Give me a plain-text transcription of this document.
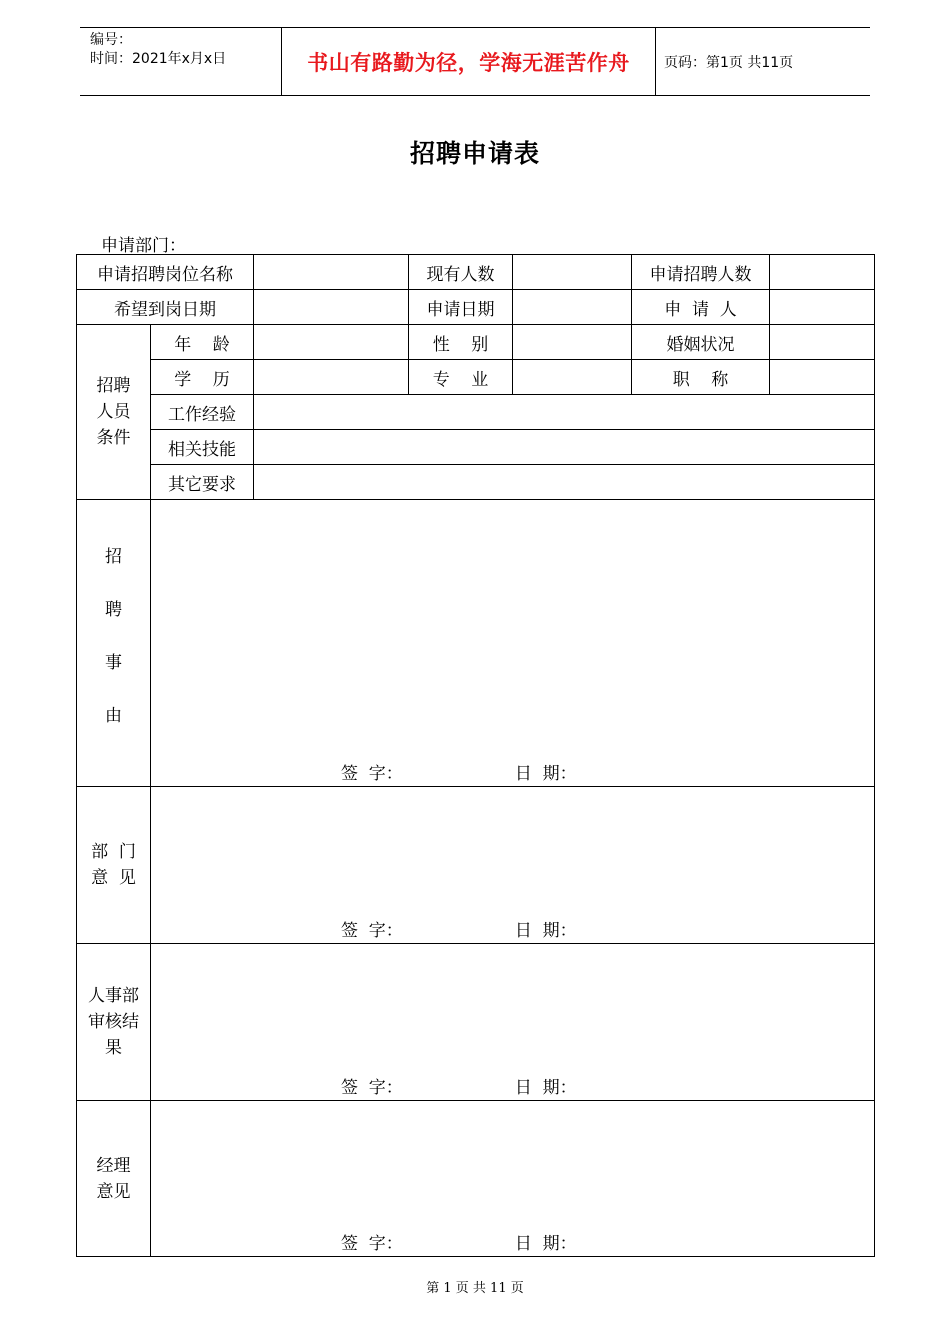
编号：
时间：2021年x月x日	书山有路勤为径，学海无涯苦作舟	页码：第1页 共11页
招聘申请表
申请部门：
申请招聘岗位名称			现有人数		申请招聘人数	
希望到岗日期			申请日期		申  请  人	

招聘
人员
条件	年    龄		性    别		婚姻状况	
	学    历		专    业		职    称	
	工作经验					
	相关技能					
	其它要求					

招
聘
事
由	签  字： 日  期：					

部  门
意  见	签  字： 日  期：					

人事部
审核结
果	签  字： 日  期：					

经理
意见	签  字： 日  期：					
第 1 页 共 11 页
